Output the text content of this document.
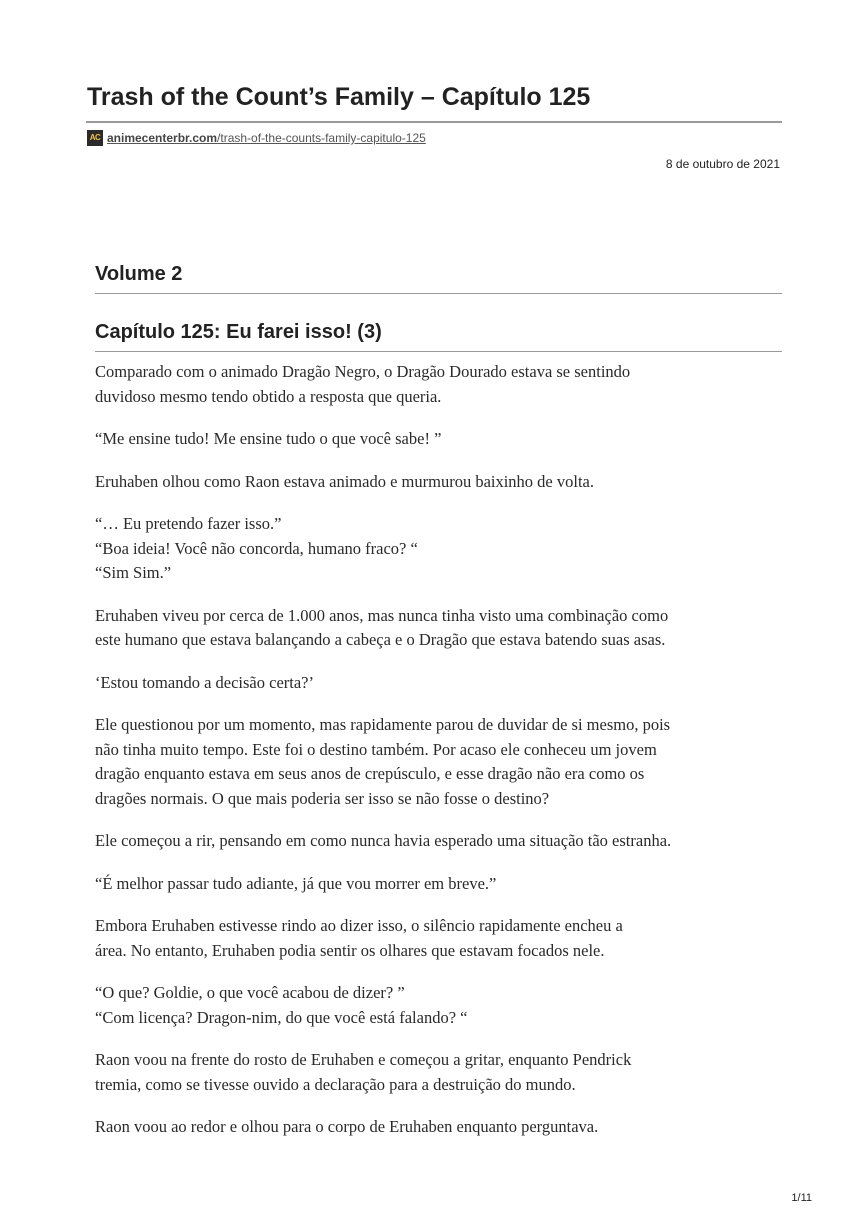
Trash of the Count’s Family – Capítulo 125
AC animecenterbr.com/trash-of-the-counts-family-capitulo-125
8 de outubro de 2021
Volume 2
Capítulo 125: Eu farei isso! (3)

Comparado com o animado Dragão Negro, o Dragão Dourado estava se sentindo
duvidoso mesmo tendo obtido a resposta que queria.

“Me ensine tudo! Me ensine tudo o que você sabe! ”

Eruhaben olhou como Raon estava animado e murmurou baixinho de volta.

“… Eu pretendo fazer isso.”
“Boa ideia! Você não concorda, humano fraco? “
“Sim Sim.”

Eruhaben viveu por cerca de 1.000 anos, mas nunca tinha visto uma combinação como
este humano que estava balançando a cabeça e o Dragão que estava batendo suas asas.

‘Estou tomando a decisão certa?’

Ele questionou por um momento, mas rapidamente parou de duvidar de si mesmo, pois
não tinha muito tempo. Este foi o destino também. Por acaso ele conheceu um jovem
dragão enquanto estava em seus anos de crepúsculo, e esse dragão não era como os
dragões normais. O que mais poderia ser isso se não fosse o destino?

Ele começou a rir, pensando em como nunca havia esperado uma situação tão estranha.

“É melhor passar tudo adiante, já que vou morrer em breve.”

Embora Eruhaben estivesse rindo ao dizer isso, o silêncio rapidamente encheu a
área. No entanto, Eruhaben podia sentir os olhares que estavam focados nele.

“O que? Goldie, o que você acabou de dizer? ”
“Com licença? Dragon-nim, do que você está falando? “

Raon voou na frente do rosto de Eruhaben e começou a gritar, enquanto Pendrick
tremia, como se tivesse ouvido a declaração para a destruição do mundo.

Raon voou ao redor e olhou para o corpo de Eruhaben enquanto perguntava.

1/11
